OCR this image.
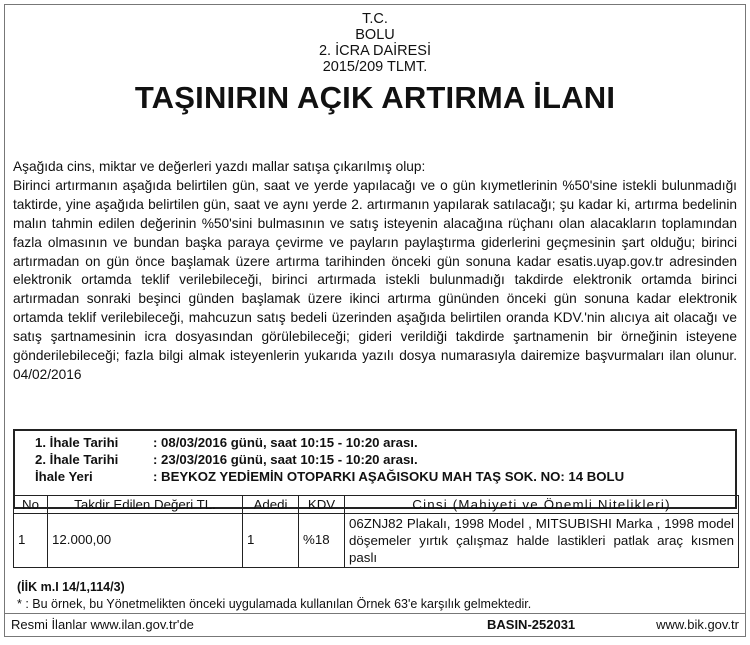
T.C.
BOLU
2. İCRA DAİRESİ
2015/209 TLMT.
TAŞINIRIN AÇIK ARTIRMA İLANI

Aşağıda cins, miktar ve değerleri yazdı mallar satışa çıkarılmış olup:

Birinci artırmanın aşağıda belirtilen gün, saat ve yerde yapılacağı ve o gün kıymetlerinin %50'sine istekli bulunmadığı taktirde, yine aşağıda belirtilen gün, saat ve aynı yerde 2. artırmanın yapılarak satılacağı; şu kadar ki, artırma bedelinin malın tahmin edilen değerinin %50'sini bulmasının ve satış isteyenin alacağına rüçhanı olan alacakların toplamından fazla olmasının ve bundan başka paraya çevirme ve payların paylaştırma giderlerini geçmesinin şart olduğu; birinci artırmadan on gün önce başlamak üzere artırma tarihinden önceki gün sonuna kadar esatis.uyap.gov.tr adresinden elektronik ortamda teklif verilebileceği, birinci artırmada istekli bulunmadığı takdirde elektronik ortamda birinci artırmadan sonraki beşinci günden başlamak üzere ikinci artırma gününden önceki gün sonuna kadar elektronik ortamda teklif verilebileceği, mahcuzun satış bedeli üzerinden aşağıda belirtilen oranda KDV.'nin alıcıya ait olacağı ve satış şartnamesinin icra dosyasından görülebileceği; gideri verildiği takdirde şartnamenin bir örneğinin isteyene gönderilebileceği; fazla bilgi almak isteyenlerin yukarıda yazılı dosya numarasıyla dairemize başvurmaları ilan olunur. 04/02/2016

1. İhale Tarihi	: 08/03/2016 günü, saat 10:15 - 10:20 arası.
2. İhale Tarihi	: 23/03/2016 günü, saat 10:15 - 10:20 arası.
İhale Yeri	: BEYKOZ YEDİEMİN OTOPARKI AŞAĞISOKU MAH TAŞ SOK. NO: 14 BOLU
No	Takdir Edilen Değeri TL.	Adedi	KDV	Cinsi (Mahiyeti ve Önemli Nitelikleri)
1	12.000,00	1	%18	06ZNJ82 Plakalı, 1998 Model , MITSUBISHI Marka , 1998 model döşemeler yırtık çalışmaz halde lastikleri patlak araç kısmen paslı
(İİK m.I 14/1,114/3)
* : Bu örnek, bu Yönetmelikten önceki uygulamada kullanılan Örnek 63'e karşılık gelmektedir.
Resmi İlanlar www.ilan.gov.tr'de	BASIN-252031	www.bik.gov.tr
